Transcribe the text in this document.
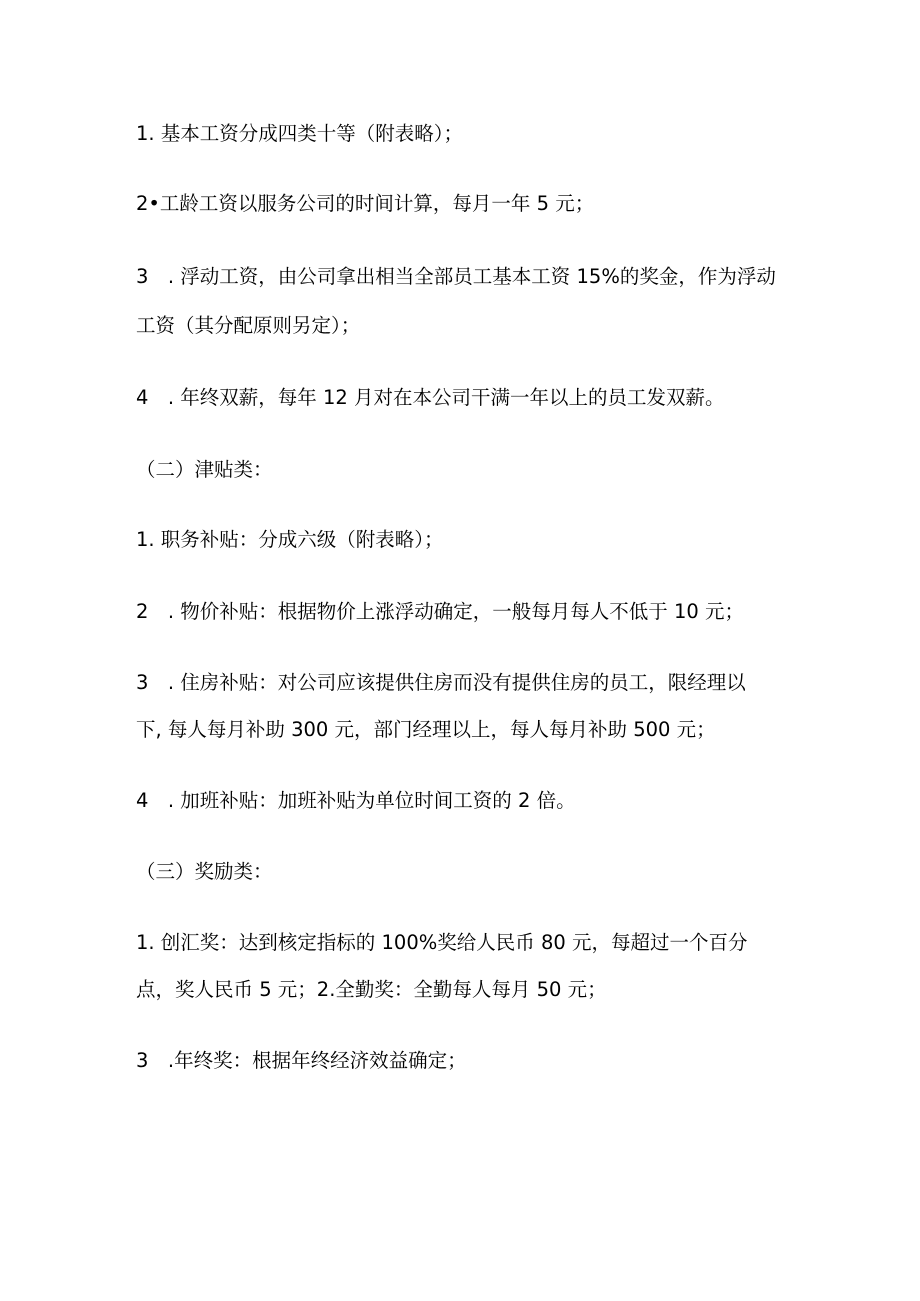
1. 基本工资分成四类十等（附表略）；
2•工龄工资以服务公司的时间计算，每月一年 5 元；
3　. 浮动工资，由公司拿出相当全部员工基本工资 15%的奖金，作为浮动
工资（其分配原则另定）；
4　. 年终双薪，每年 12 月对在本公司干满一年以上的员工发双薪。
（二）津贴类：
1. 职务补贴：分成六级（附表略）；
2　. 物价补贴：根据物价上涨浮动确定，一般每月每人不低于 10 元；
3　. 住房补贴：对公司应该提供住房而没有提供住房的员工，限经理以
下, 每人每月补助 300 元，部门经理以上，每人每月补助 500 元；
4　. 加班补贴：加班补贴为单位时间工资的 2 倍。
（三）奖励类：
1. 创汇奖：达到核定指标的 100%奖给人民币 80 元，每超过一个百分
点，奖人民币 5 元；2.全勤奖：全勤每人每月 50 元；
3　.年终奖：根据年终经济效益确定；
